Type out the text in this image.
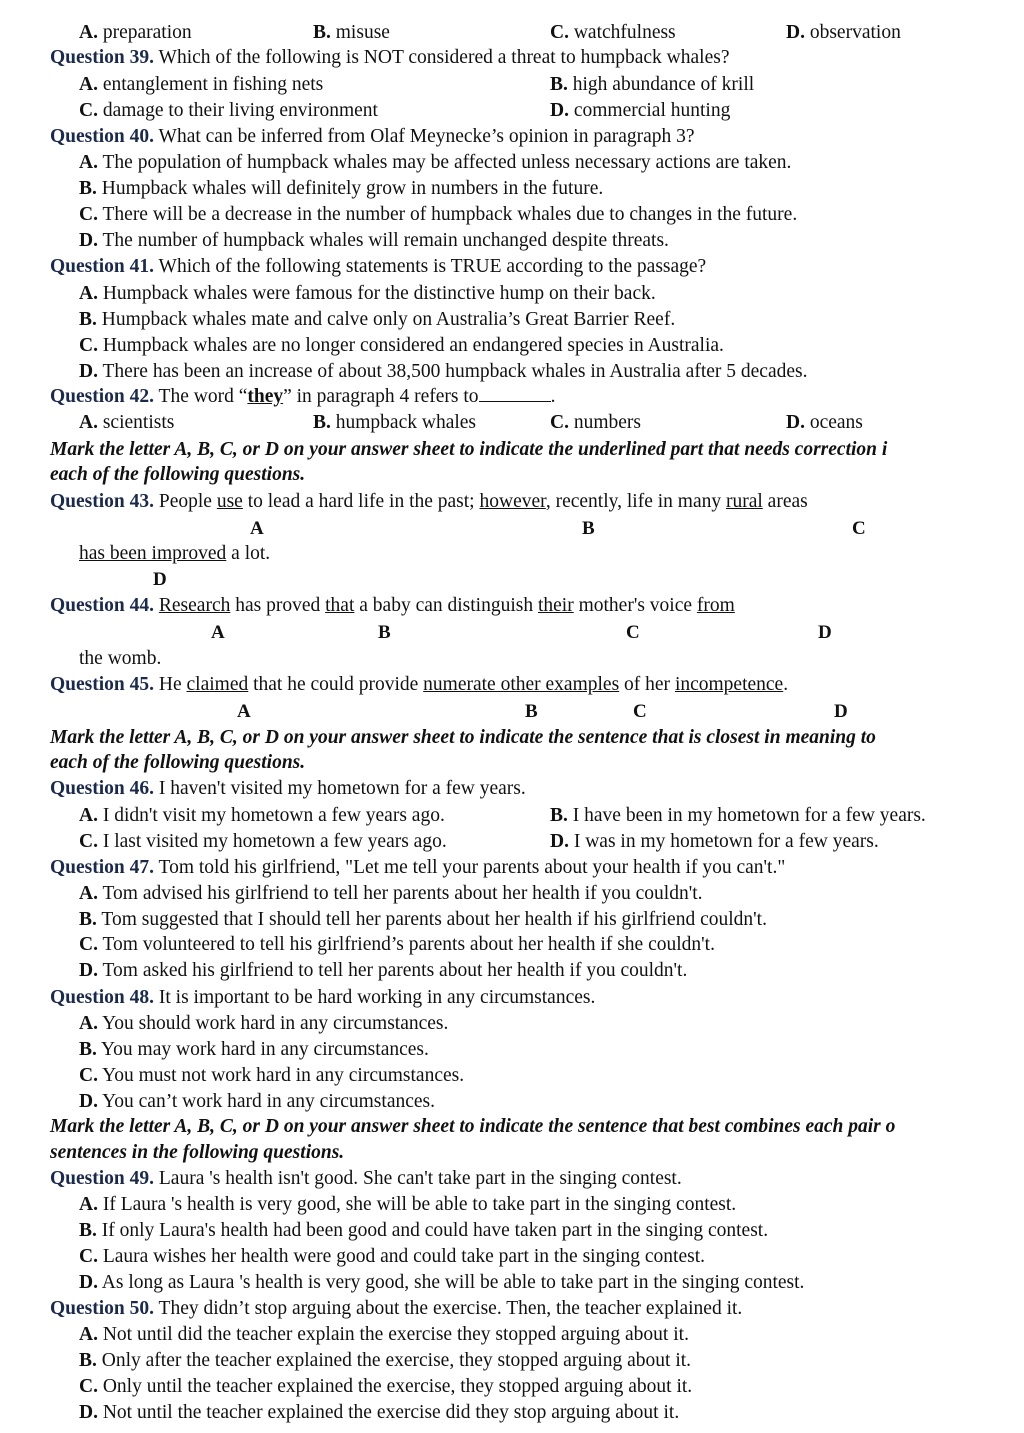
A. preparation	B. misuse	C. watchfulness	D. observation
Question 39. Which of the following is NOT considered a threat to humpback whales?
A. entanglement in fishing nets	B. high abundance of krill
C. damage to their living environment	D. commercial hunting
Question 40. What can be inferred from Olaf Meynecke’s opinion in paragraph 3?
A. The population of humpback whales may be affected unless necessary actions are taken.
B. Humpback whales will definitely grow in numbers in the future.
C. There will be a decrease in the number of humpback whales due to changes in the future.
D. The number of humpback whales will remain unchanged despite threats.
Question 41. Which of the following statements is TRUE according to the passage?
A. Humpback whales were famous for the distinctive hump on their back.
B. Humpback whales mate and calve only on Australia’s Great Barrier Reef.
C. Humpback whales are no longer considered an endangered species in Australia.
D. There has been an increase of about 38,500 humpback whales in Australia after 5 decades.
Question 42. The word “they” in paragraph 4 refers to	.
A. scientists	B. humpback whales	C. numbers	D. oceans
Mark the letter A, B, C, or D on your answer sheet to indicate the underlined part that needs correction i
each of the following questions.
Question 43. People use to lead a hard life in the past; however, recently, life in many rural areas
A	B	C
has been improved a lot.
D
Question 44. Research has proved that a baby can distinguish their mother's voice from
A	B	C	D
the womb.
Question 45. He claimed that he could provide numerate other examples of her incompetence.
A	B	C	D
Mark the letter A, B, C, or D on your answer sheet to indicate the sentence that is closest in meaning to
each of the following questions.
Question 46. I haven't visited my hometown for a few years.
A. I didn't visit my hometown a few years ago.	B. I have been in my hometown for a few years.
C. I last visited my hometown a few years ago.	D. I was in my hometown for a few years.
Question 47. Tom told his girlfriend, "Let me tell your parents about your health if you can't."
A. Tom advised his girlfriend to tell her parents about her health if you couldn't.
B. Tom suggested that I should tell her parents about her health if his girlfriend couldn't.
C. Tom volunteered to tell his girlfriend’s parents about her health if she couldn't.
D. Tom asked his girlfriend to tell her parents about her health if you couldn't.
Question 48. It is important to be hard working in any circumstances.
A. You should work hard in any circumstances.
B. You may work hard in any circumstances.
C. You must not work hard in any circumstances.
D. You can’t work hard in any circumstances.
Mark the letter A, B, C, or D on your answer sheet to indicate the sentence that best combines each pair o
sentences in the following questions.
Question 49. Laura 's health isn't good. She can't take part in the singing contest.
A. If Laura 's health is very good, she will be able to take part in the singing contest.
B. If only Laura's health had been good and could have taken part in the singing contest.
C. Laura wishes her health were good and could take part in the singing contest.
D. As long as Laura 's health is very good, she will be able to take part in the singing contest.
Question 50. They didn’t stop arguing about the exercise. Then, the teacher explained it.
A. Not until did the teacher explain the exercise they stopped arguing about it.
B. Only after the teacher explained the exercise, they stopped arguing about it.
C. Only until the teacher explained the exercise, they stopped arguing about it.
D. Not until the teacher explained the exercise did they stop arguing about it.
